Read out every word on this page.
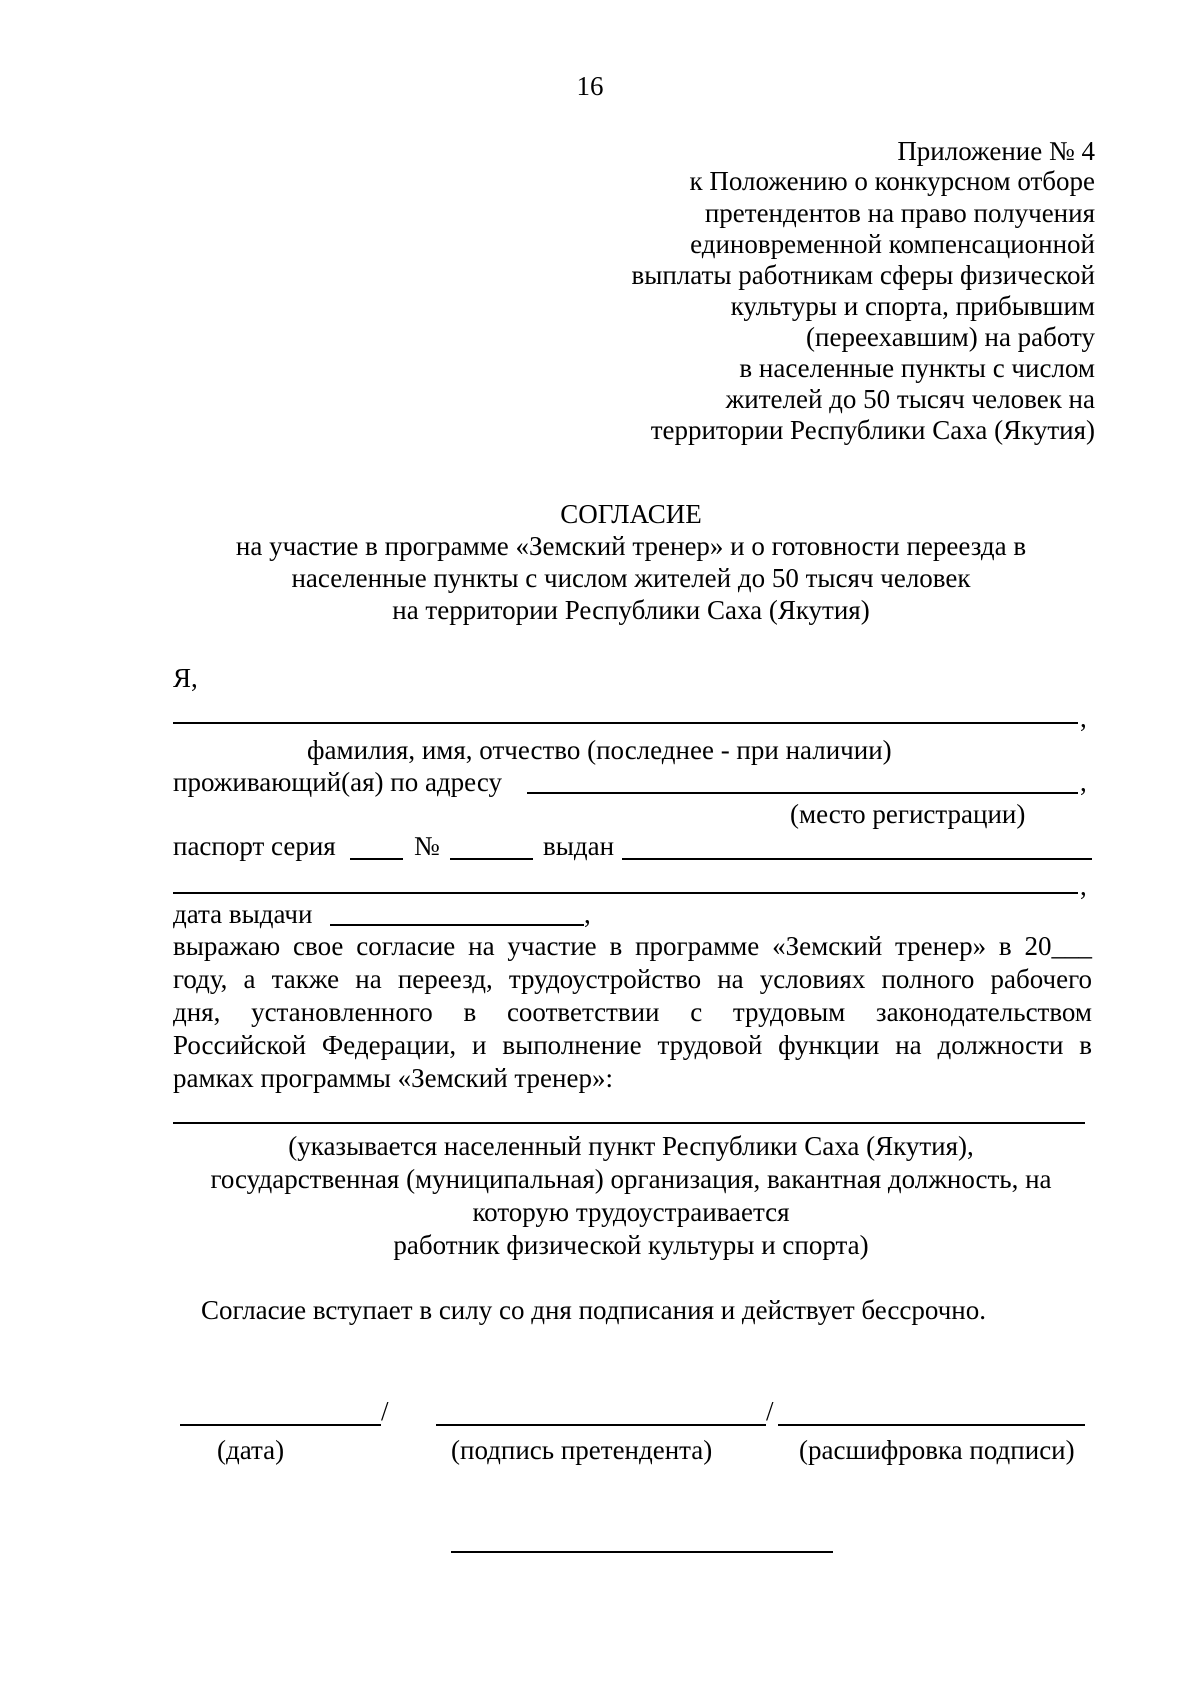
16
Приложение № 4
к Положению о конкурсном отборе
претендентов на право получения
единовременной компенсационной
выплаты работникам сферы физической
культуры и спорта, прибывшим
(переехавшим) на работу
в населенные пункты с числом
жителей до 50 тысяч человек на
территории Республики Саха (Якутия)
СОГЛАСИЕ
на участие в программе «Земский тренер» и о готовности переезда в
населенные пункты с числом жителей до 50 тысяч человек
на территории Республики Саха (Якутия)
Я,
,
фамилия, имя, отчество (последнее - при наличии)
проживающий(ая) по адресу	,
(место регистрации)
паспорт серия	№	выдан
,
дата выдачи	,
выражаю свое согласие на участие в программе «Земский тренер» в 20___
году, а также на переезд, трудоустройство на условиях полного рабочего
дня, установленного в соответствии с трудовым законодательством
Российской Федерации, и выполнение трудовой функции на должности в
рамках программы «Земский тренер»:
(указывается населенный пункт Республики Саха (Якутия),
государственная (муниципальная) организация, вакантная должность, на
которую трудоустраивается
работник физической культуры и спорта)
Согласие вступает в силу со дня подписания и действует бессрочно.
/	/
(дата)	(подпись претендента)	(расшифровка подписи)
